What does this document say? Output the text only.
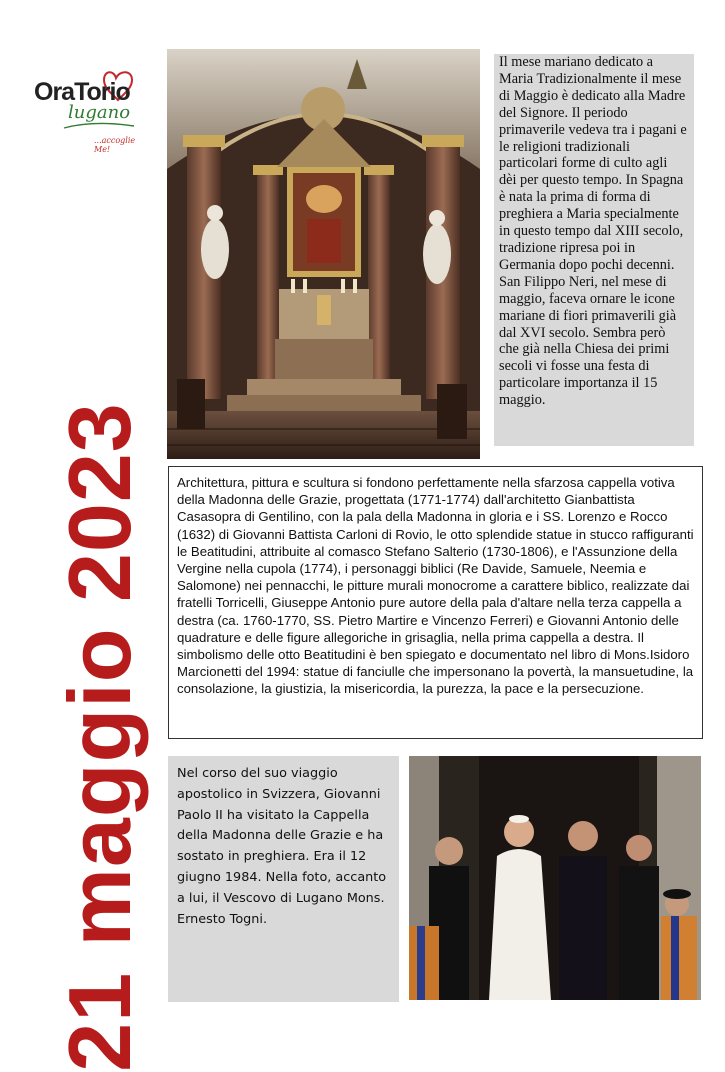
OraTorio
lugano
...accoglie Me!
21 maggio 2023
Il mese mariano dedicato a Maria Tradizionalmente il mese di Maggio è dedicato alla Madre del Signore. Il periodo primaverile vedeva tra i pagani e le religioni tradizionali particolari forme di culto agli dèi per questo tempo. In Spagna è nata la prima di forma di preghiera a Maria specialmente in questo tempo dal XIII secolo, tradizione ripresa poi in Germania dopo pochi decenni. San Filippo Neri, nel mese di maggio, faceva ornare le icone mariane di fiori primaverili già dal XVI secolo. Sembra però che già nella Chiesa dei primi secoli vi fosse una festa di particolare importanza il 15 maggio.
Architettura, pittura e scultura si fondono perfettamente nella sfarzosa cappella votiva della Madonna delle Grazie, progettata (1771-1774) dall'architetto Gianbattista Casasopra di Gentilino, con la pala della Madonna in gloria e i SS. Lorenzo e Rocco (1632) di Giovanni Battista Carloni di Rovio, le otto splendide statue in stucco raffiguranti le Beatitudini, attribuite al comasco Stefano Salterio (1730-1806), e l'Assunzione della Vergine nella cupola (1774), i personaggi biblici (Re Davide, Samuele, Neemia e Salomone) nei pennacchi, le pitture murali monocrome a carattere biblico, realizzate dai fratelli Torricelli, Giuseppe Antonio pure autore della pala d'altare nella terza cappella a destra (ca. 1760-1770, SS. Pietro Martire e Vincenzo Ferreri) e Giovanni Antonio delle quadrature e delle figure allegoriche in grisaglia, nella prima cappella a destra. Il simbolismo delle otto Beatitudini è ben spiegato e documentato nel libro di Mons.Isidoro Marcionetti del 1994: statue di fanciulle che impersonano la povertà, la mansuetudine, la consolazione, la giustizia, la misericordia, la purezza, la pace e la persecuzione.
Nel corso del suo viaggio apostolico in Svizzera, Giovanni Paolo II ha visitato la Cappella della Madonna delle Grazie e ha sostato in preghiera. Era il 12 giugno 1984. Nella foto, accanto a lui, il Vescovo di Lugano Mons. Ernesto Togni.
